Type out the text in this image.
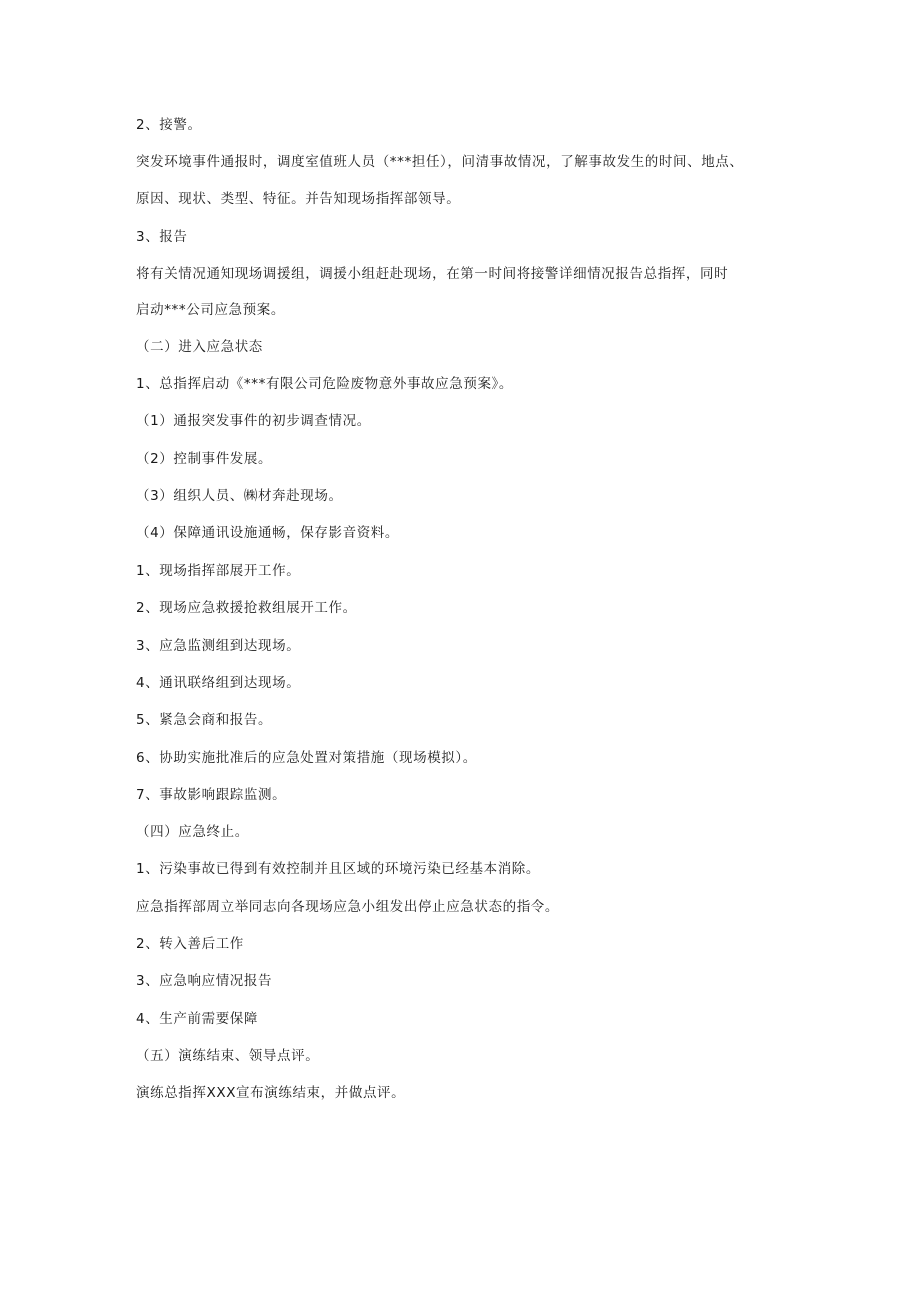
2、接警。
突发环境事件通报时，调度室值班人员（***担任），问清事故情况，了解事故发生的时间、地点、
原因、现状、类型、特征。并告知现场指挥部领导。
3、报告
将有关情况通知现场调援组，调援小组赶赴现场，在第一时间将接警详细情况报告总指挥，同时
启动***公司应急预案。
（二）进入应急状态
1、总指挥启动《***有限公司危险废物意外事故应急预案》。
（1）通报突发事件的初步调查情况。
（2）控制事件发展。
（3）组织人员、㈱材奔赴现场。
（4）保障通讯设施通畅，保存影音资料。
1、现场指挥部展开工作。
2、现场应急救援抢救组展开工作。
3、应急监测组到达现场。
4、通讯联络组到达现场。
5、紧急会商和报告。
6、协助实施批准后的应急处置对策措施（现场模拟）。
7、事故影响跟踪监测。
（四）应急终止。
1、污染事故已得到有效控制并且区域的环境污染已经基本消除。
应急指挥部周立举同志向各现场应急小组发出停止应急状态的指令。
2、转入善后工作
3、应急响应情况报告
4、生产前需要保障
（五）演练结束、领导点评。
演练总指挥XXX宣布演练结束，并做点评。
